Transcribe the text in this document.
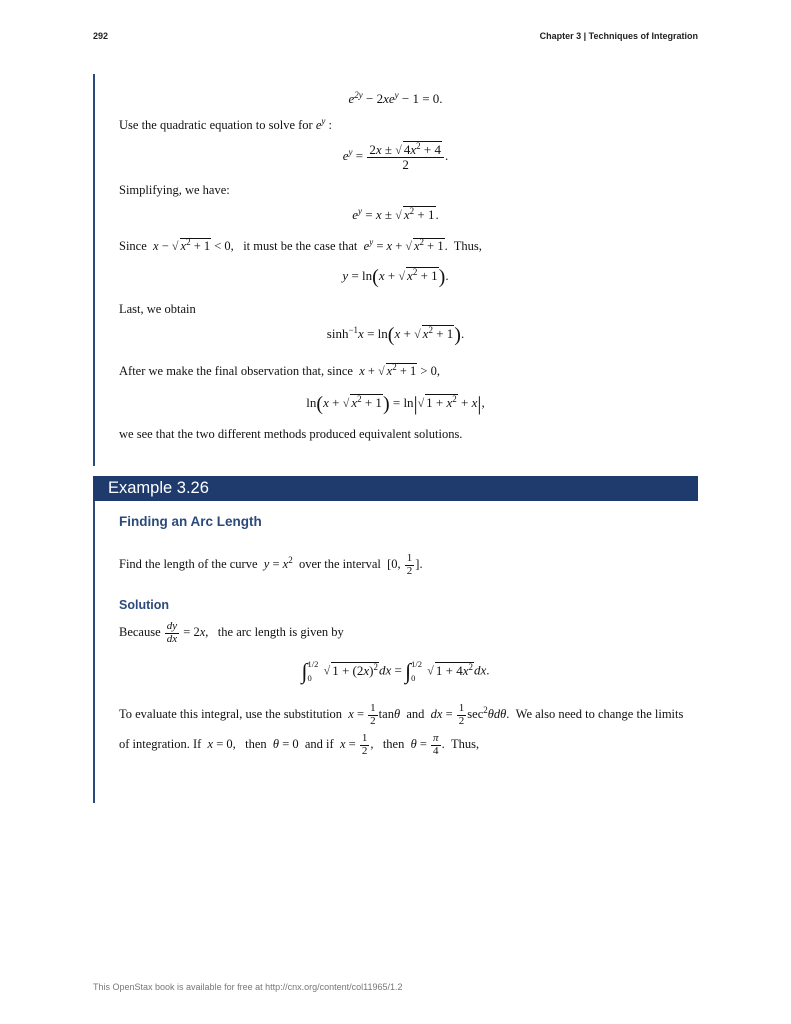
292	Chapter 3 | Techniques of Integration
$e^{2y} - 2xe^y - 1 = 0$.
Use the quadratic equation to solve for $e^y$ :
$e^y = \frac{2x \pm √ 4x^2 + 4}{2}$ .
Simplifying, we have:
$e^y = x$ ± √ $x^2 + 1$.
Since x − √ $x^2 + 1 < 0$,   it must be the case that $e^y = x$ + √ $x^2 + 1$.  Thus,
y = ln(x + √ $x^2 + 1$).
Last, we obtain
$\sinh^{-1}x = \ln(x$ + √ $x^2 + 1$).
After we make the final observation that, since x + √ $x^2 + 1 > 0$,
ln(x + √ $x^2 + 1) = \ln|√$ $1 + x^2 + x|$,
we see that the two different methods produced equivalent solutions.
Example 3.26
Finding an Arc Length
Find the length of the curve $y = x^2$ over the interval  [0, $\frac{1}{2}$ ].
Solution
Because $\frac{dy}{dx} = 2x$,   the arc length is given by
∫ 1/2
0
√ $1 + (2x)^2dx$ = ∫ 1/2
0
√ $1 + 4x^2dx$.
To evaluate this integral, use the substitution $x = \frac{1}{2}$ tanθ and dx = $\frac{1}{2} \sec^2\theta d\theta$.  We also need to change the limits
of integration. If x = 0,   then θ = 0  and if $x = \frac{1}{2}$ ,   then $\theta = \frac{\pi}{4}$ .  Thus,
This OpenStax book is available for free at http://cnx.org/content/col11965/1.2
